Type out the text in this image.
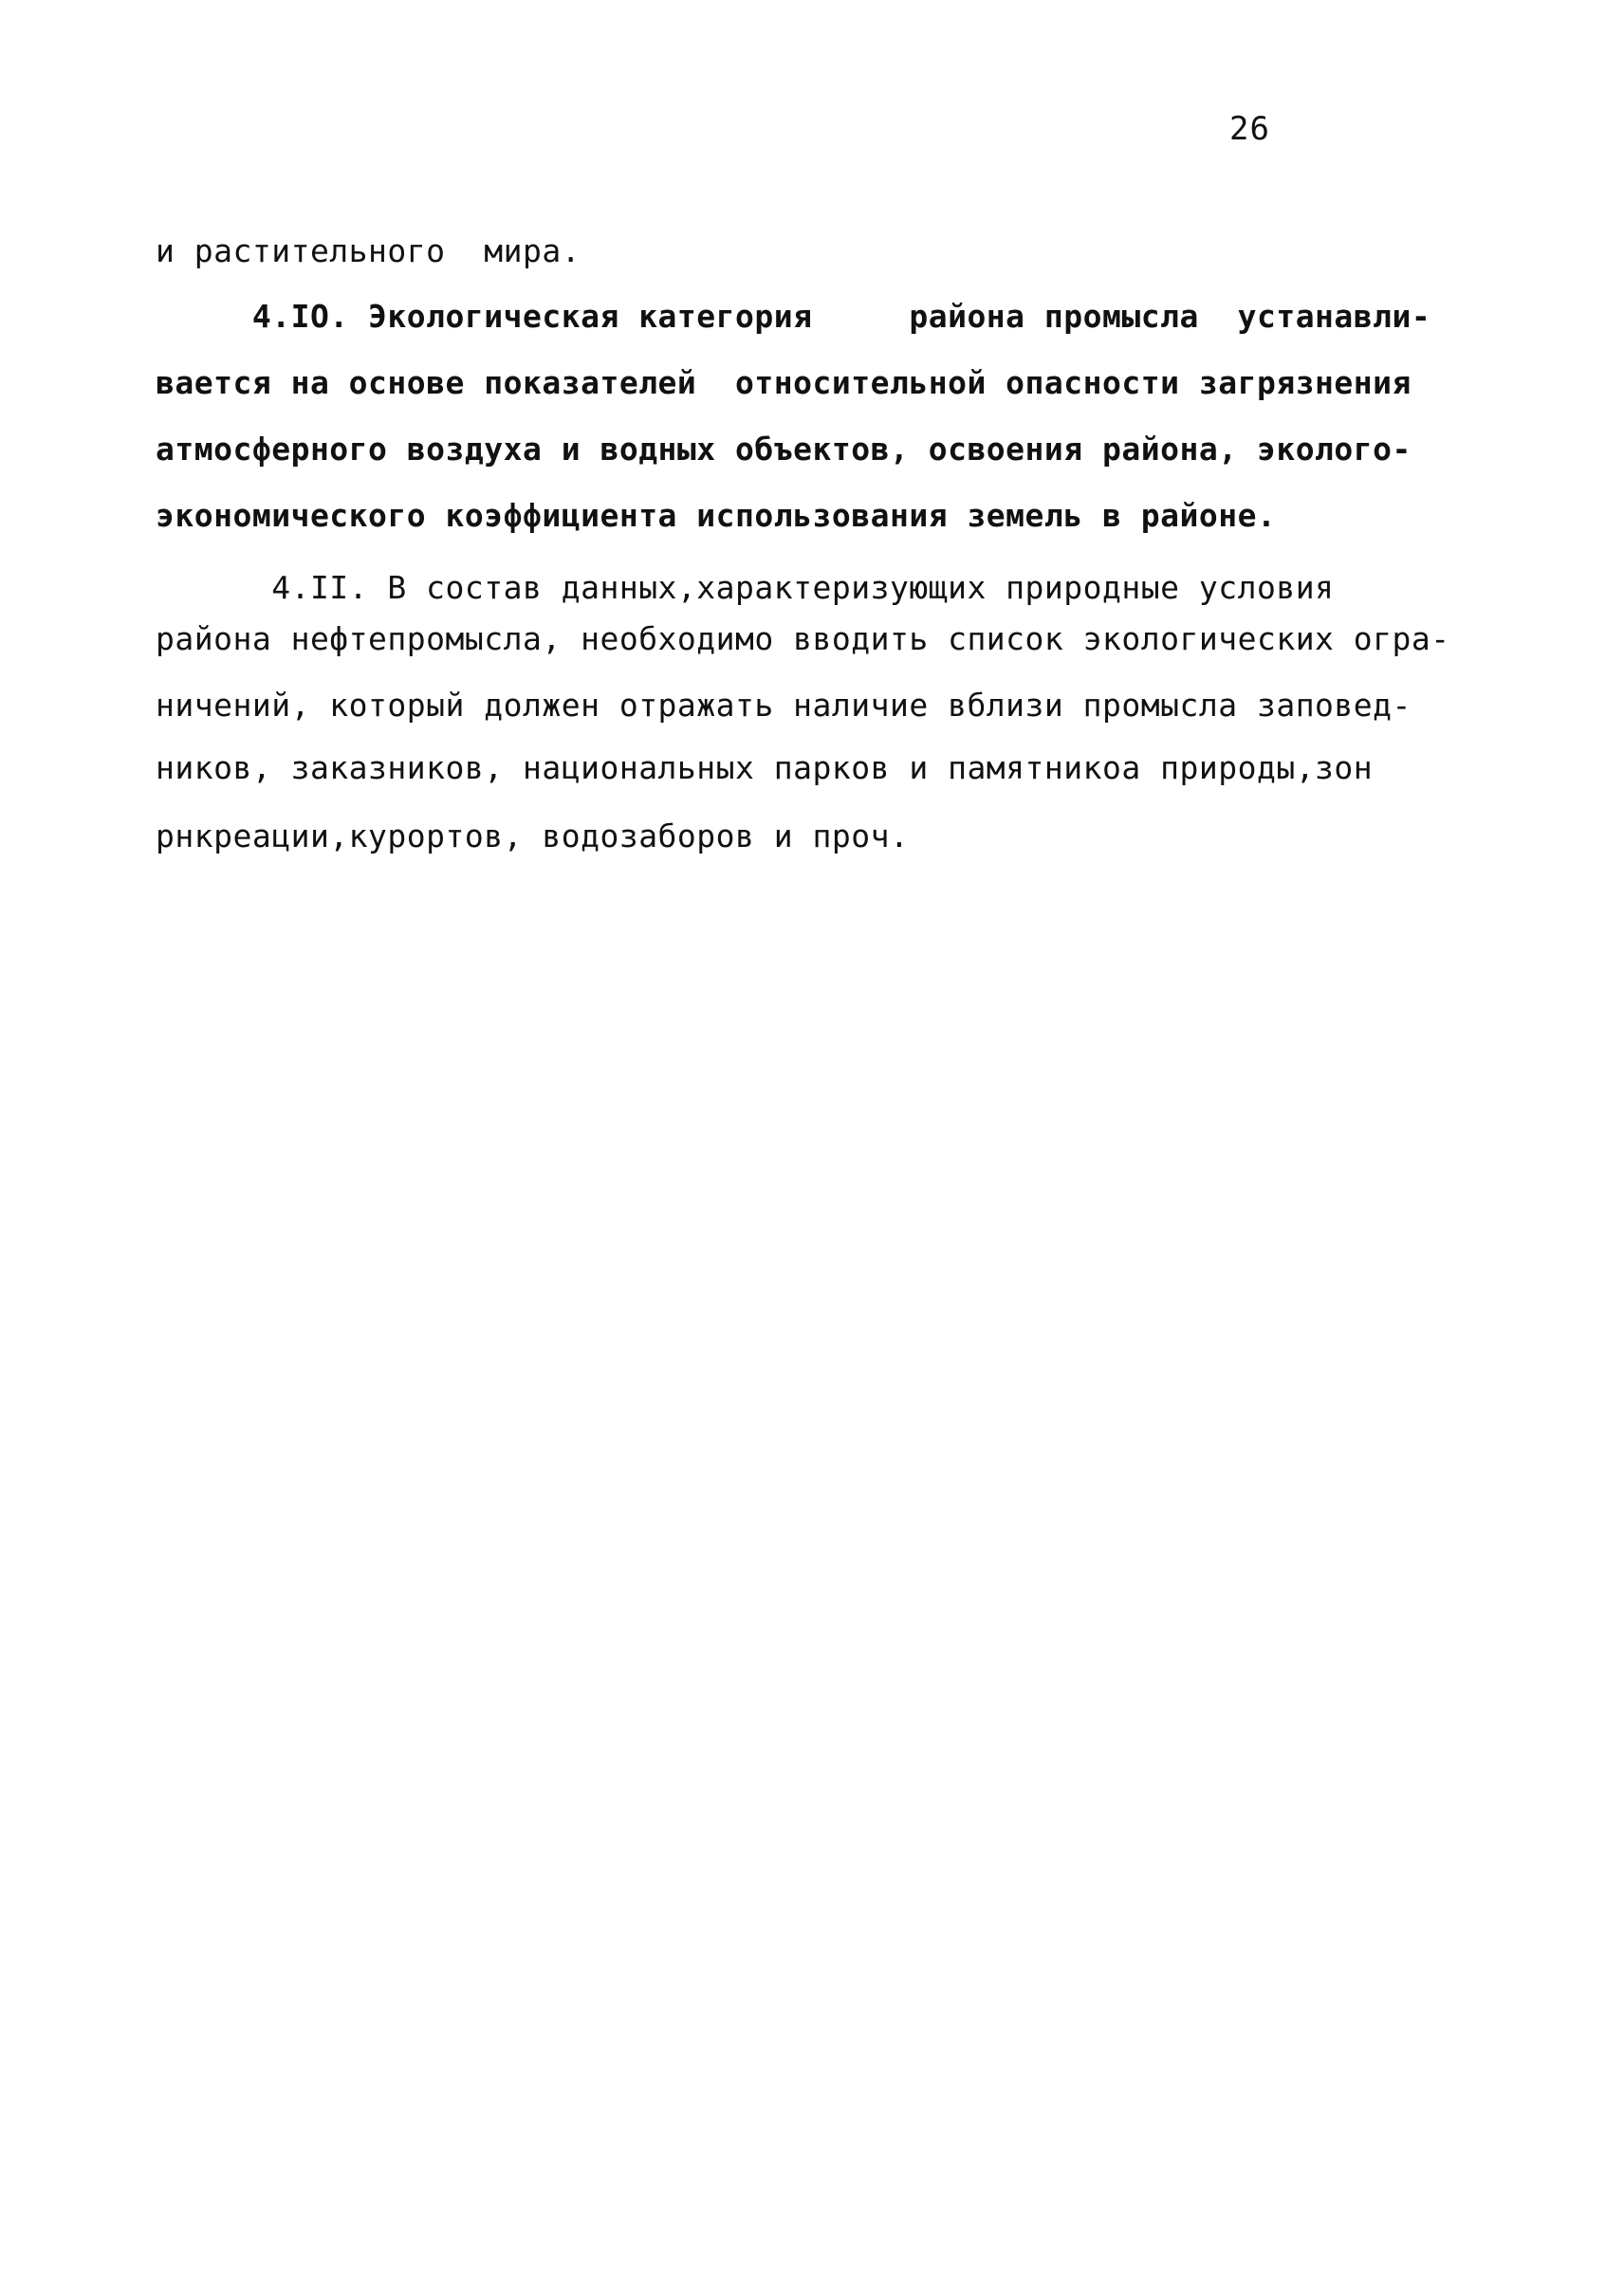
26
и растительного  мира.
4.IO. Экологическая категория     района промысла  устанавли-
вается на основе показателей  относительной опасности загрязнения
атмосферного воздуха и водных объектов, освоения района, эколого-
экономического коэффициента использования земель в районе.
4.II. В состав данных,характеризующих природные условия
района нефтепромысла, необходимо вводить список экологических огра-
ничений, который должен отражать наличие вблизи промысла заповед-
ников, заказников, национальных парков и памятникоа природы,зон
рнкреации,курортов, водозаборов и проч.
